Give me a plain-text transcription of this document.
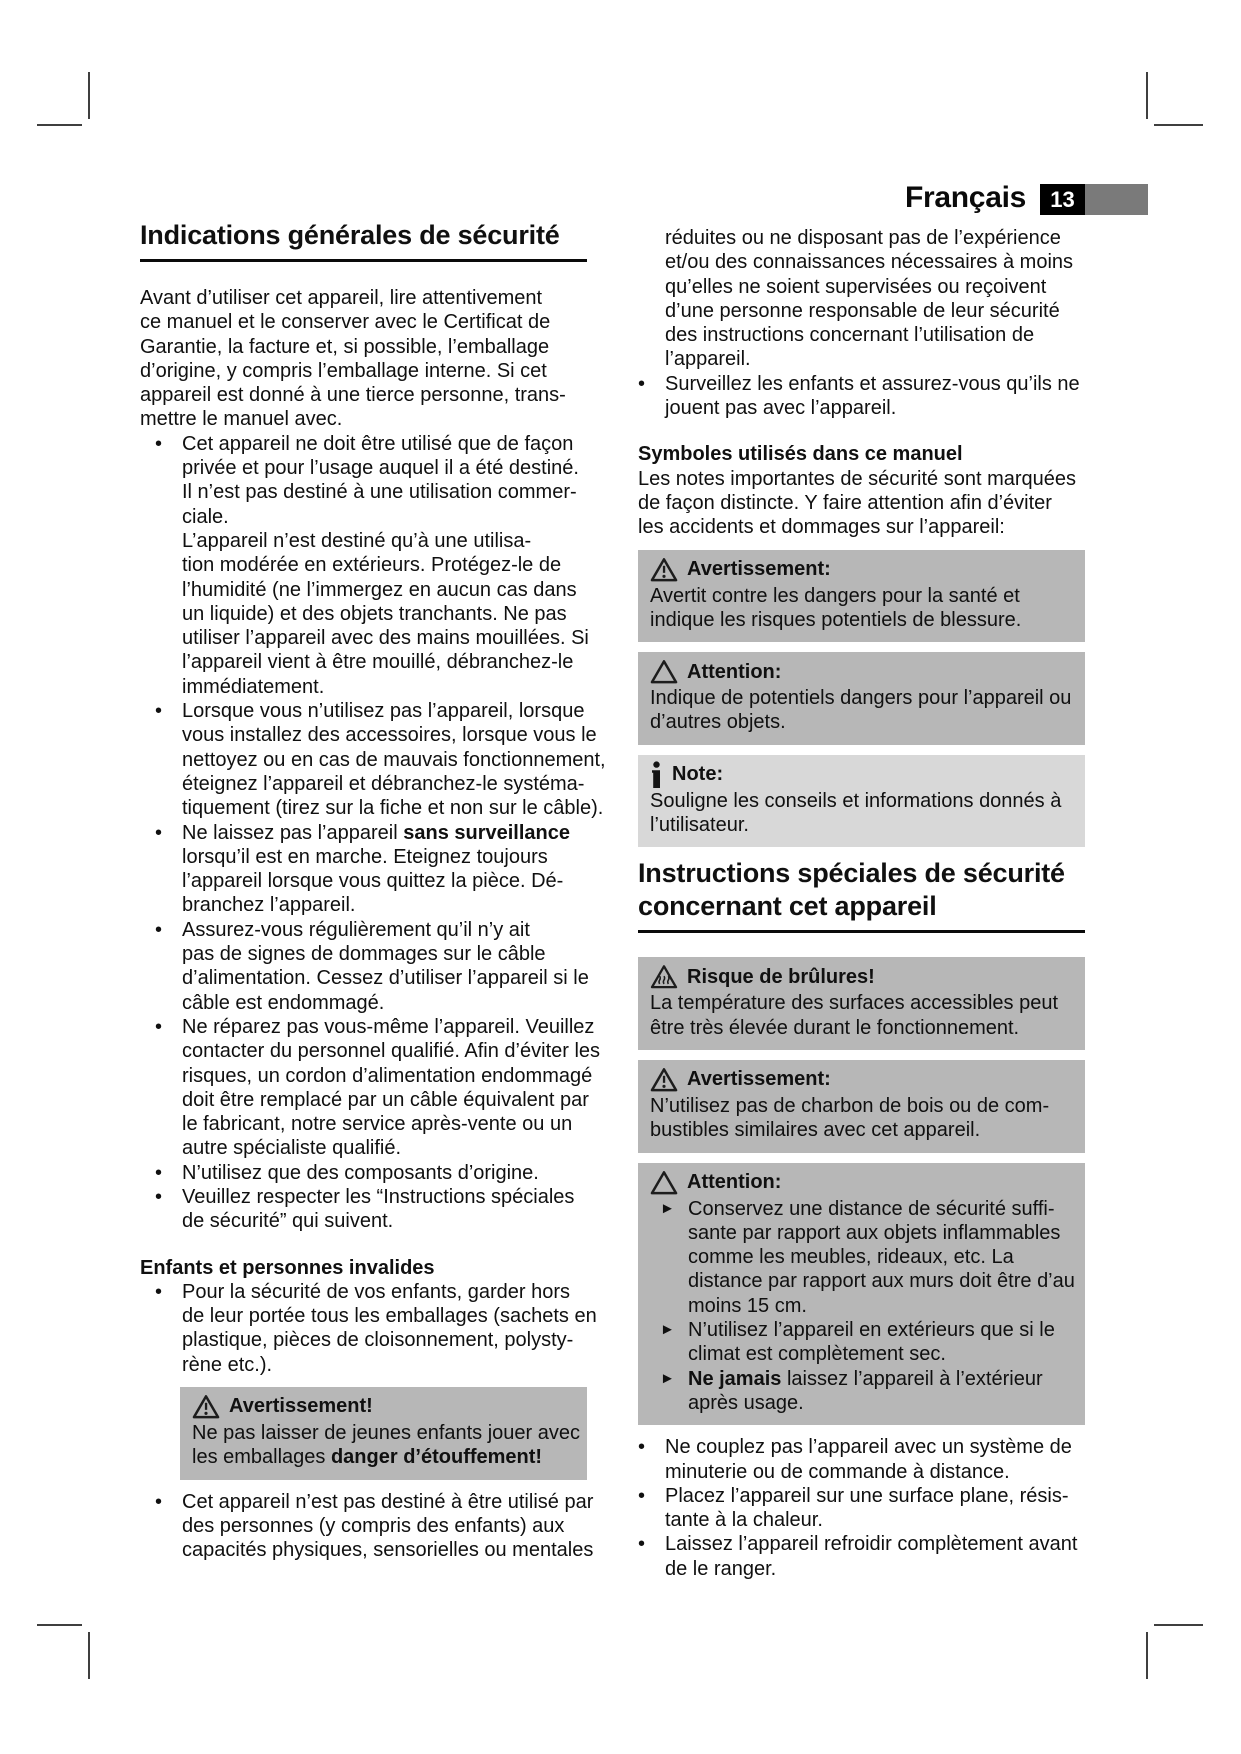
Français 13
Indications générales de sécurité
Avant d’utiliser cet appareil, lire attentivement
ce manuel et le conserver avec le Certificat de
Garantie, la facture et, si possible, l’emballage
d’origine, y compris l’emballage interne. Si cet
appareil est donné à une tierce personne, trans-
mettre le manuel avec.
• Cet appareil ne doit être utilisé que de façon
privée et pour l’usage auquel il a été destiné.
Il n’est pas destiné à une utilisation commer-
ciale.
L’appareil n’est destiné qu’à une utilisa-
tion modérée en extérieurs. Protégez-le de
l’humidité (ne l’immergez en aucun cas dans
un liquide) et des objets tranchants. Ne pas
utiliser l’appareil avec des mains mouillées. Si
l’appareil vient à être mouillé, débranchez-le
immédiatement.
• Lorsque vous n’utilisez pas l’appareil, lorsque
vous installez des accessoires, lorsque vous le
nettoyez ou en cas de mauvais fonctionnement,
éteignez l’appareil et débranchez-le systéma-
tiquement (tirez sur la fiche et non sur le câble).
• Ne laissez pas l’appareil sans surveillance
lorsqu’il est en marche. Eteignez toujours
l’appareil lorsque vous quittez la pièce. Dé-
branchez l’appareil.
• Assurez-vous régulièrement qu’il n’y ait
pas de signes de dommages sur le câble
d’alimentation. Cessez d’utiliser l’appareil si le
câble est endommagé.
• Ne réparez pas vous-même l’appareil. Veuillez
contacter du personnel qualifié. Afin d’éviter les
risques, un cordon d’alimentation endommagé
doit être remplacé par un câble équivalent par
le fabricant, notre service après-vente ou un
autre spécialiste qualifié.
• N’utilisez que des composants d’origine.
• Veuillez respecter les “Instructions spéciales
de sécurité” qui suivent.
Enfants et personnes invalides
• Pour la sécurité de vos enfants, garder hors
de leur portée tous les emballages (sachets en
plastique, pièces de cloisonnement, polysty-
rène etc.).
Avertissement!
Ne pas laisser de jeunes enfants jouer avec
les emballages danger d’étouffement!
• Cet appareil n’est pas destiné à être utilisé par
des personnes (y compris des enfants) aux
capacités physiques, sensorielles ou mentales
réduites ou ne disposant pas de l’expérience
et/ou des connaissances nécessaires à moins
qu’elles ne soient supervisées ou reçoivent
d’une personne responsable de leur sécurité
des instructions concernant l’utilisation de
l’appareil.
• Surveillez les enfants et assurez-vous qu’ils ne
jouent pas avec l’appareil.
Symboles utilisés dans ce manuel
Les notes importantes de sécurité sont marquées
de façon distincte. Y faire attention afin d’éviter
les accidents et dommages sur l’appareil:
Avertissement:
Avertit contre les dangers pour la santé et
indique les risques potentiels de blessure.
Attention:
Indique de potentiels dangers pour l’appareil ou
d’autres objets.
Note:
Souligne les conseils et informations donnés à
l’utilisateur.
Instructions spéciales de sécurité
concernant cet appareil
Risque de brûlures!
La température des surfaces accessibles peut
être très élevée durant le fonctionnement.
Avertissement:
N’utilisez pas de charbon de bois ou de com-
bustibles similaires avec cet appareil.
Attention:
► Conservez une distance de sécurité suffi-
sante par rapport aux objets inflammables
comme les meubles, rideaux, etc. La
distance par rapport aux murs doit être d’au
moins 15 cm.
► N’utilisez l’appareil en extérieurs que si le
climat est complètement sec.
► Ne jamais laissez l’appareil à l’extérieur
après usage.
• Ne couplez pas l’appareil avec un système de
minuterie ou de commande à distance.
• Placez l’appareil sur une surface plane, résis-
tante à la chaleur.
• Laissez l’appareil refroidir complètement avant
de le ranger.
